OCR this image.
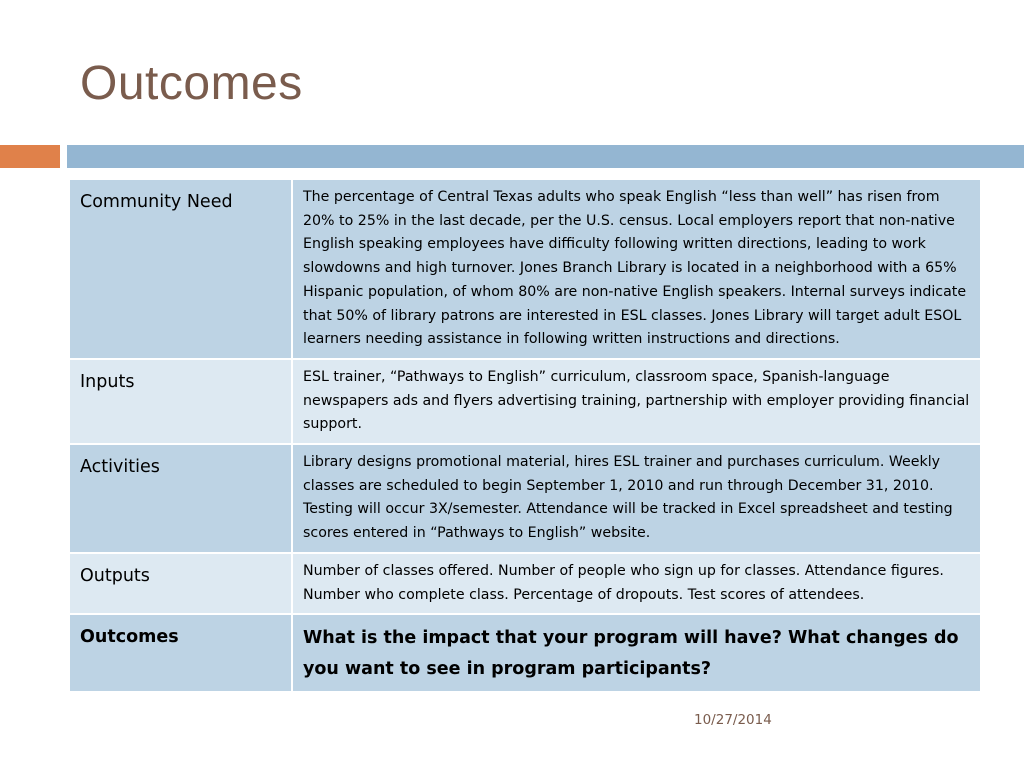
Outcomes
Community Need	The percentage of Central Texas adults who speak English “less than well” has risen from 20% to 25% in the last decade, per the U.S. census. Local employers report that non-native English speaking employees have difficulty following written directions, leading to work slowdowns and high turnover. Jones Branch Library is located in a neighborhood with a 65% Hispanic population, of whom 80% are non-native English speakers. Internal surveys indicate that 50% of library patrons are interested in ESL classes. Jones Library will target adult ESOL learners needing assistance in following written instructions and directions.
Inputs	ESL trainer, “Pathways to English” curriculum, classroom space, Spanish-language newspapers ads and flyers advertising training, partnership with employer providing financial support.
Activities	Library designs promotional material, hires ESL trainer and purchases curriculum. Weekly classes are scheduled to begin September 1, 2010 and run through December 31, 2010. Testing will occur 3X/semester. Attendance will be tracked in Excel spreadsheet and testing scores entered in “Pathways to English” website.
Outputs	Number of classes offered. Number of people who sign up for classes. Attendance figures. Number who complete class. Percentage of dropouts. Test scores of attendees.
Outcomes	What is the impact that your program will have? What changes do you want to see in program participants?
10/27/2014
